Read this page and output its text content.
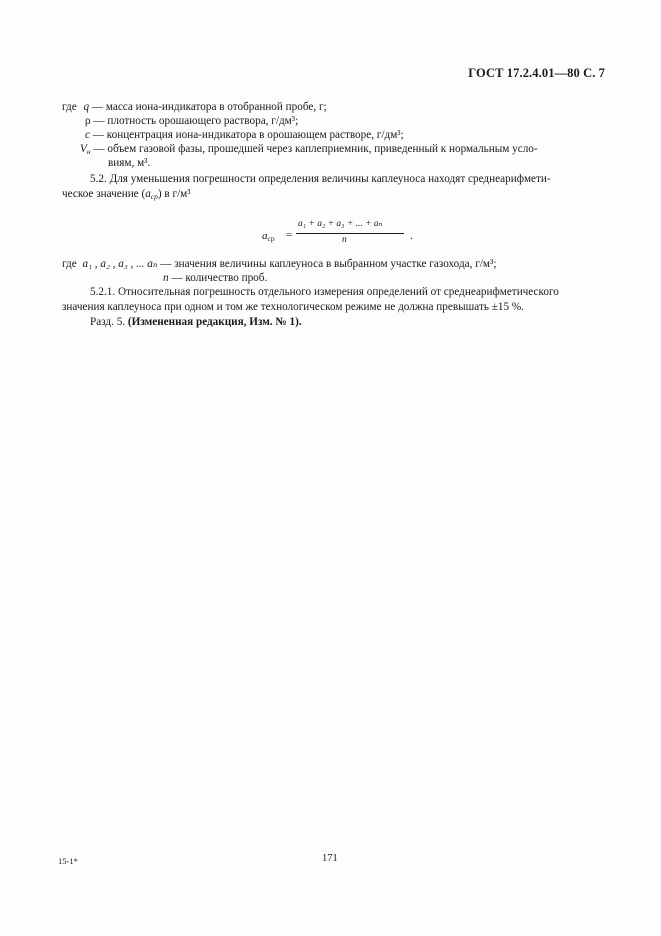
ГОСТ 17.2.4.01—80 С. 7
где q — масса иона-индикатора в отобранной пробе, г;
ρ — плотность орошающего раствора, г/дм³;
c — концентрация иона-индикатора в орошающем растворе, г/дм³;
$V_н$ — объем газовой фазы, прошедшей через каплеприемник, приведенный к нормальным усло-
виям, м³.
5.2. Для уменьшения погрешности определения величины каплеуноса находят среднеарифмети-
ческое значение $(a_{ср})$ в г/м³
$a_{ср}$ =
a₁ + a₂ + a₃ + ... + aₙ
n	.
где a₁ , a₂ , a₃ , ... aₙ — значения величины каплеуноса в выбранном участке газохода, г/м³;
n — количество проб.
5.2.1. Относительная погрешность отдельного измерения определений от среднеарифметического
значения каплеуноса при одном и том же технологическом режиме не должна превышать ±15 %.
Разд. 5. (Измененная редакция, Изм. № 1).
15-1*	171
